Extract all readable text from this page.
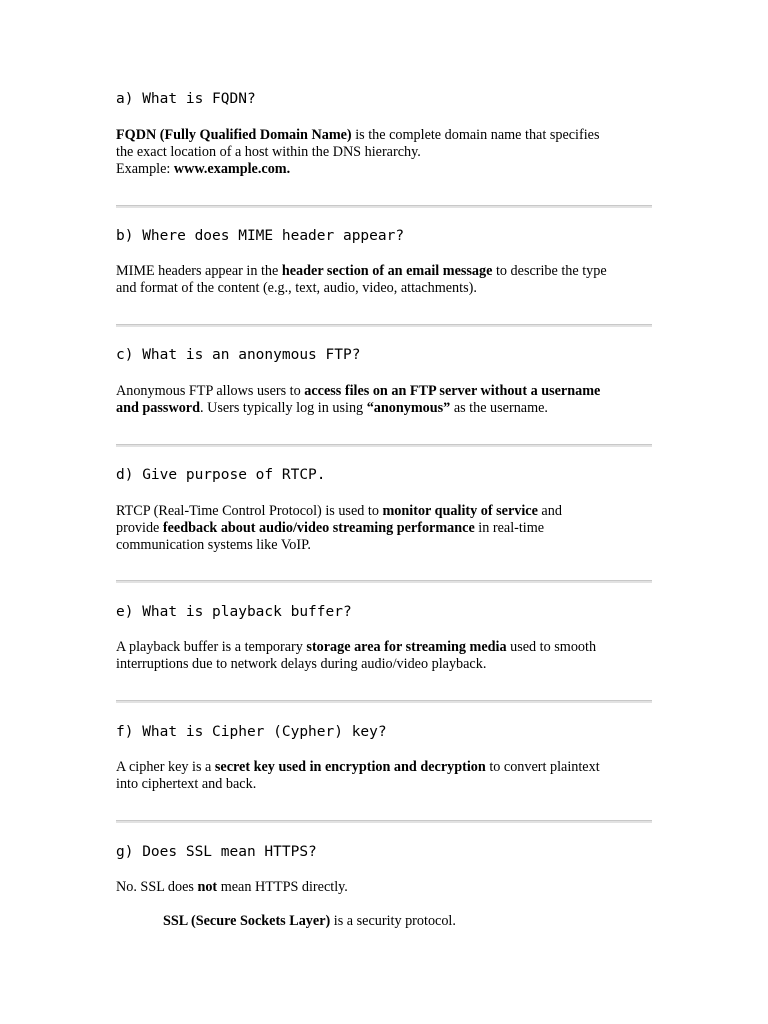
a) What is FQDN?

FQDN (Fully Qualified Domain Name) is the complete domain name that specifies
the exact location of a host within the DNS hierarchy.
Example: www.example.com.

b) Where does MIME header appear?

MIME headers appear in the header section of an email message to describe the type
and format of the content (e.g., text, audio, video, attachments).

c) What is an anonymous FTP?

Anonymous FTP allows users to access files on an FTP server without a username
and password. Users typically log in using “anonymous” as the username.

d) Give purpose of RTCP.

RTCP (Real-Time Control Protocol) is used to monitor quality of service and
provide feedback about audio/video streaming performance in real-time
communication systems like VoIP.

e) What is playback buffer?

A playback buffer is a temporary storage area for streaming media used to smooth
interruptions due to network delays during audio/video playback.

f) What is Cipher (Cypher) key?

A cipher key is a secret key used in encryption and decryption to convert plaintext
into ciphertext and back.

g) Does SSL mean HTTPS?

No. SSL does not mean HTTPS directly.
SSL (Secure Sockets Layer) is a security protocol.
